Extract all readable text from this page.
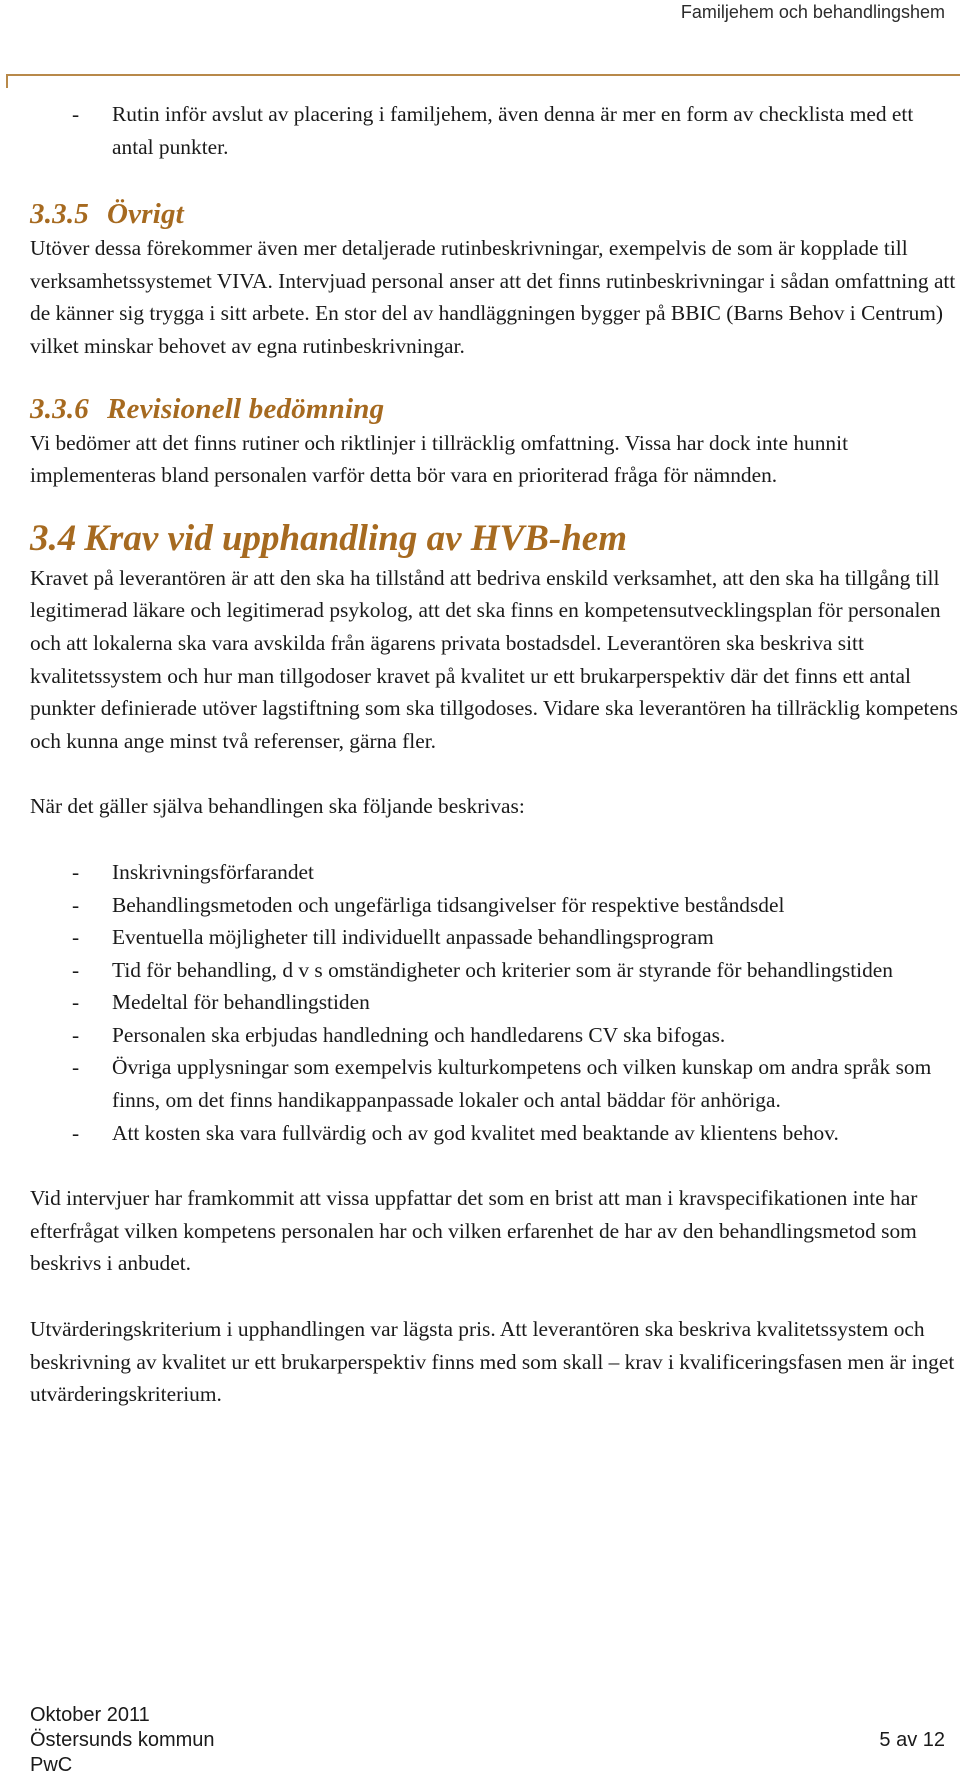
Familjehem och behandlingshem
- Rutin inför avslut av placering i familjehem, även denna är mer en form av checklista med ett antal punkter.
3.3.5 Övrigt

Utöver dessa förekommer även mer detaljerade rutinbeskrivningar, exempelvis de som är kopplade till verksamhetssystemet VIVA. Intervjuad personal anser att det finns rutinbeskrivningar i sådan omfattning att de känner sig trygga i sitt arbete. En stor del av handläggningen bygger på BBIC (Barns Behov i Centrum) vilket minskar behovet av egna rutinbeskrivningar.

3.3.6 Revisionell bedömning

Vi bedömer att det finns rutiner och riktlinjer i tillräcklig omfattning. Vissa har dock inte hunnit implementeras bland personalen varför detta bör vara en prioriterad fråga för nämnden.

3.4 Krav vid upphandling av HVB-hem

Kravet på leverantören är att den ska ha tillstånd att bedriva enskild verksamhet, att den ska ha tillgång till legitimerad läkare och legitimerad psykolog, att det ska finns en kompetensutvecklingsplan för personalen och att lokalerna ska vara avskilda från ägarens privata bostadsdel. Leverantören ska beskriva sitt kvalitetssystem och hur man tillgodoser kravet på kvalitet ur ett brukarperspektiv där det finns ett antal punkter definierade utöver lagstiftning som ska tillgodoses. Vidare ska leverantören ha tillräcklig kompetens och kunna ange minst två referenser, gärna fler.

När det gäller själva behandlingen ska följande beskrivas:

- Inskrivningsförfarandet
- Behandlingsmetoden och ungefärliga tidsangivelser för respektive beståndsdel
- Eventuella möjligheter till individuellt anpassade behandlingsprogram
- Tid för behandling, d v s omständigheter och kriterier som är styrande för behandlingstiden
- Medeltal för behandlingstiden
- Personalen ska erbjudas handledning och handledarens CV ska bifogas.
- Övriga upplysningar som exempelvis kulturkompetens och vilken kunskap om andra språk som finns, om det finns handikappanpassade lokaler och antal bäddar för anhöriga.
- Att kosten ska vara fullvärdig och av god kvalitet med beaktande av klientens behov.

Vid intervjuer har framkommit att vissa uppfattar det som en brist att man i kravspecifikationen inte har efterfrågat vilken kompetens personalen har och vilken erfarenhet de har av den behandlingsmetod som beskrivs i anbudet.

Utvärderingskriterium i upphandlingen var lägsta pris. Att leverantören ska beskriva kvalitetssystem och beskrivning av kvalitet ur ett brukarperspektiv finns med som skall – krav i kvalificeringsfasen men är inget utvärderingskriterium.

Oktober 2011
Östersunds kommun
PwC
5 av 12
